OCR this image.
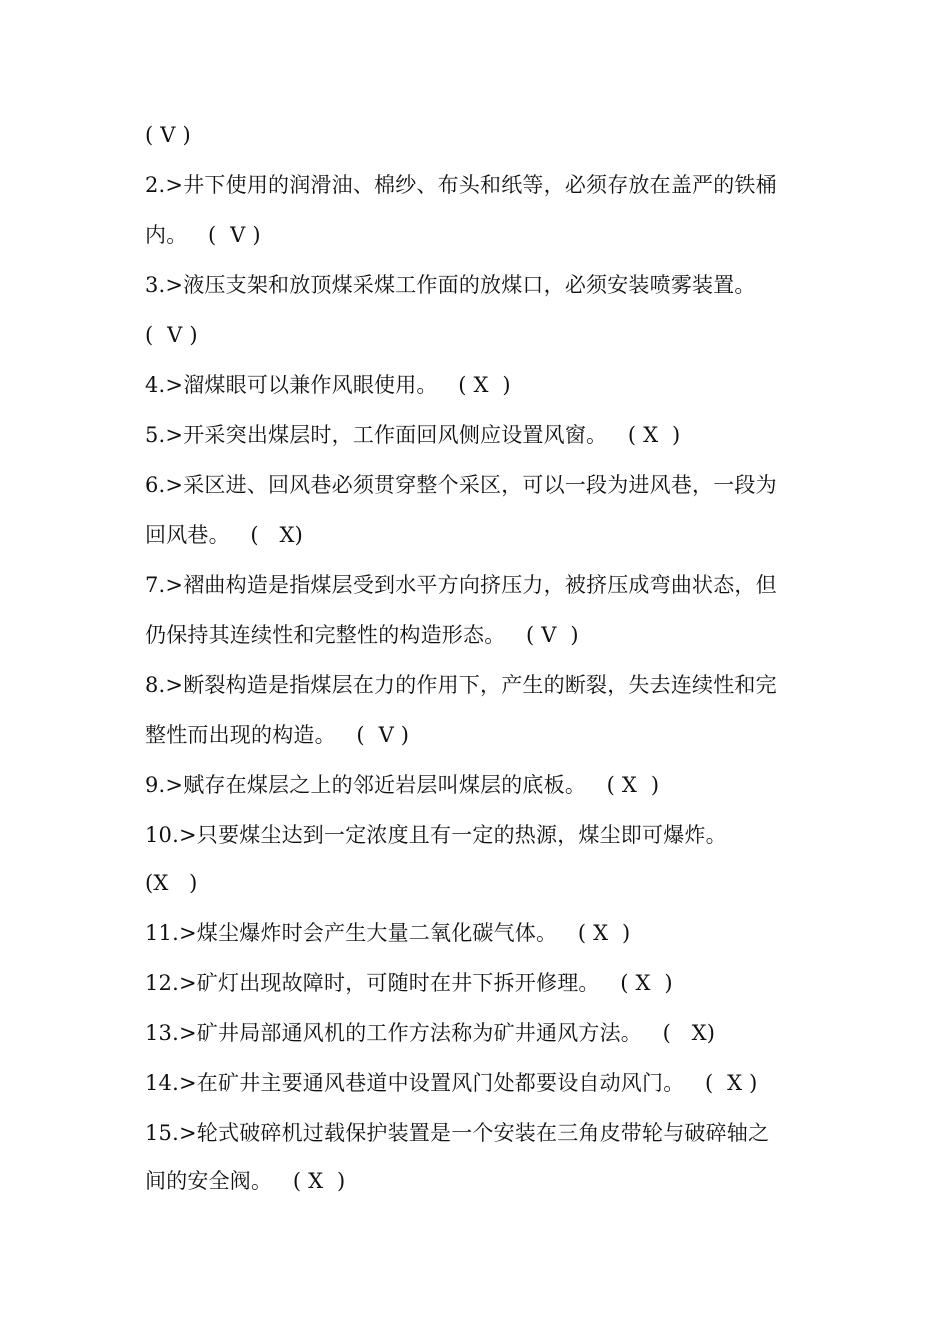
( V )
2.>井下使用的润滑油、棉纱、布头和纸等，必须存放在盖严的铁桶
内。   (  V )
3.>液压支架和放顶煤采煤工作面的放煤口，必须安装喷雾装置。
(  V )
4.>溜煤眼可以兼作风眼使用。   ( X  )
5.>开采突出煤层时，工作面回风侧应设置风窗。   ( X  )
6.>采区进、回风巷必须贯穿整个采区，可以一段为进风巷，一段为
回风巷。   (   X)
7.>褶曲构造是指煤层受到水平方向挤压力，被挤压成弯曲状态，但
仍保持其连续性和完整性的构造形态。   ( V  )
8.>断裂构造是指煤层在力的作用下，产生的断裂，失去连续性和完
整性而出现的构造。   (  V )
9.>赋存在煤层之上的邻近岩层叫煤层的底板。   ( X  )
10.>只要煤尘达到一定浓度且有一定的热源，煤尘即可爆炸。
(X   )
11.>煤尘爆炸时会产生大量二氧化碳气体。   ( X  )
12.>矿灯出现故障时，可随时在井下拆开修理。   ( X  )
13.>矿井局部通风机的工作方法称为矿井通风方法。   (   X)
14.>在矿井主要通风巷道中设置风门处都要设自动风门。   (  X )
15.>轮式破碎机过载保护装置是一个安装在三角皮带轮与破碎轴之
间的安全阀。   ( X  )
